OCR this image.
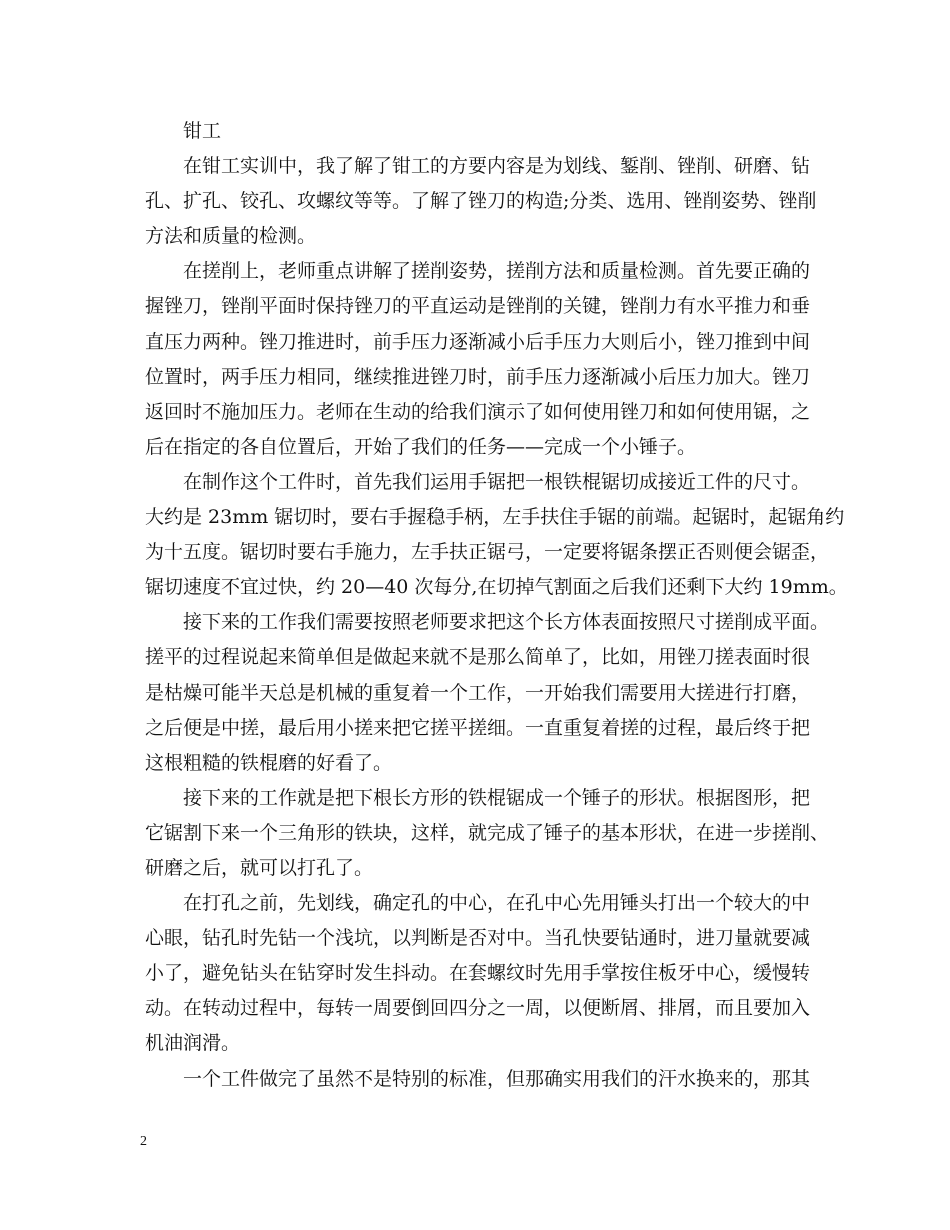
钳工
在钳工实训中，我了解了钳工的方要内容是为划线、錾削、锉削、研磨、钻
孔、扩孔、铰孔、攻螺纹等等。了解了锉刀的构造;分类、选用、锉削姿势、锉削
方法和质量的检测。
在搓削上，老师重点讲解了搓削姿势，搓削方法和质量检测。首先要正确的
握锉刀，锉削平面时保持锉刀的平直运动是锉削的关键，锉削力有水平推力和垂
直压力两种。锉刀推进时，前手压力逐渐减小后手压力大则后小，锉刀推到中间
位置时，两手压力相同，继续推进锉刀时，前手压力逐渐减小后压力加大。锉刀
返回时不施加压力。老师在生动的给我们演示了如何使用锉刀和如何使用锯，之
后在指定的各自位置后，开始了我们的任务——完成一个小锤子。
在制作这个工件时，首先我们运用手锯把一根铁棍锯切成接近工件的尺寸。
大约是 23mm 锯切时，要右手握稳手柄，左手扶住手锯的前端。起锯时，起锯角约
为十五度。锯切时要右手施力，左手扶正锯弓，一定要将锯条摆正否则便会锯歪，
锯切速度不宜过快，约 20—40 次每分,在切掉气割面之后我们还剩下大约 19mm。
接下来的工作我们需要按照老师要求把这个长方体表面按照尺寸搓削成平面。
搓平的过程说起来简单但是做起来就不是那么简单了，比如，用锉刀搓表面时很
是枯燥可能半天总是机械的重复着一个工作，一开始我们需要用大搓进行打磨，
之后便是中搓，最后用小搓来把它搓平搓细。一直重复着搓的过程，最后终于把
这根粗糙的铁棍磨的好看了。
接下来的工作就是把下根长方形的铁棍锯成一个锤子的形状。根据图形，把
它锯割下来一个三角形的铁块，这样，就完成了锤子的基本形状，在进一步搓削、
研磨之后，就可以打孔了。
在打孔之前，先划线，确定孔的中心，在孔中心先用锤头打出一个较大的中
心眼，钻孔时先钻一个浅坑，以判断是否对中。当孔快要钻通时，进刀量就要减
小了，避免钻头在钻穿时发生抖动。在套螺纹时先用手掌按住板牙中心，缓慢转
动。在转动过程中，每转一周要倒回四分之一周，以便断屑、排屑，而且要加入
机油润滑。
一个工件做完了虽然不是特别的标准，但那确实用我们的汗水换来的，那其
2
